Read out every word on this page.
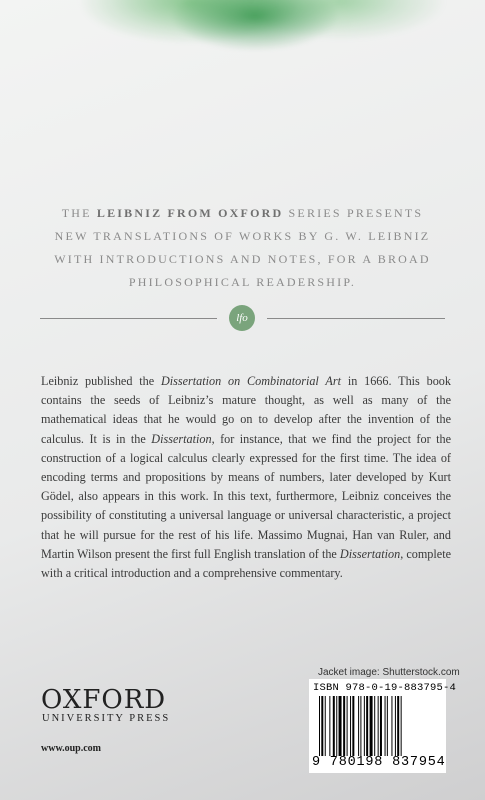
THE LEIBNIZ FROM OXFORD SERIES PRESENTS
NEW TRANSLATIONS OF WORKS BY G. W. LEIBNIZ
WITH INTRODUCTIONS AND NOTES, FOR A BROAD
PHILOSOPHICAL READERSHIP.
lfo

Leibniz published the Dissertation on Combinatorial Art in 1666. This book contains the seeds of Leibniz’s mature thought, as well as many of the mathematical ideas that he would go on to develop after the invention of the calculus. It is in the Dissertation, for instance, that we find the project for the construction of a logical calculus clearly expressed for the first time. The idea of encoding terms and propositions by means of numbers, later developed by Kurt Gödel, also appears in this work. In this text, furthermore, Leibniz conceives the possibility of constituting a universal language or universal characteristic, a project that he will pursue for the rest of his life. Massimo Mugnai, Han van Ruler, and Martin Wilson present the first full English translation of the Dissertation, complete with a critical introduction and a comprehensive commentary.

Jacket image: Shutterstock.com
ISBN 978-0-19-883795-4
9 780198 837954
OXFORD
UNIVERSITY PRESS
www.oup.com
